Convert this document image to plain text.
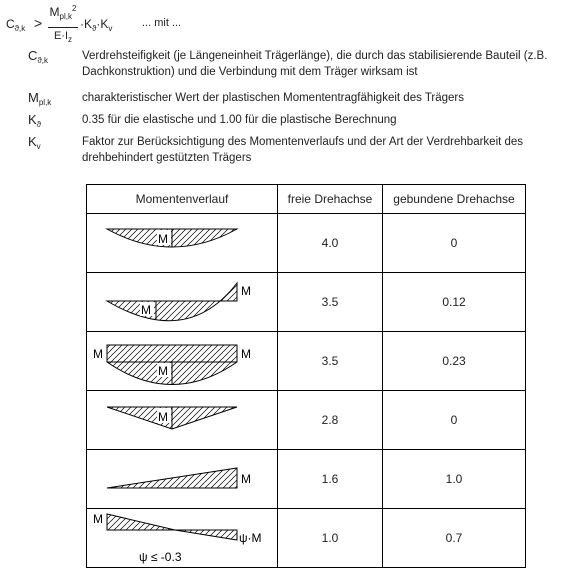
$C_{ϑ,k}$ >
$M_{pl,k}^2$
$E\cdot I_z$
$\cdot K_ϑ\cdot K_v$	... mit ...
$C_{ϑ,k}$	Verdrehsteifigkeit (je Längeneinheit Trägerlänge), die durch das stabilisierende Bauteil (z.B. Dachkonstruktion) und die Verbindung mit dem Träger wirksam ist
$M_{pl,k}$	charakteristischer Wert der plastischen Momententragfähigkeit des Trägers
$K_ϑ$	0.35 für die elastische und 1.00 für die plastische Berechnung
$K_v$	Faktor zur Berücksichtigung des Momentenverlaufs und der Art der Verdrehbarkeit des drehbehindert gestützten Trägers
Momentenverlauf	freie Drehachse	gebundene Drehachse

M	4.0	0

M
M	3.5	0.12

M
M M	3.5	0.23

M	2.8	0

M	1.6	1.0

M
ψ·M
ψ ≤ -0.3	1.0	0.7
